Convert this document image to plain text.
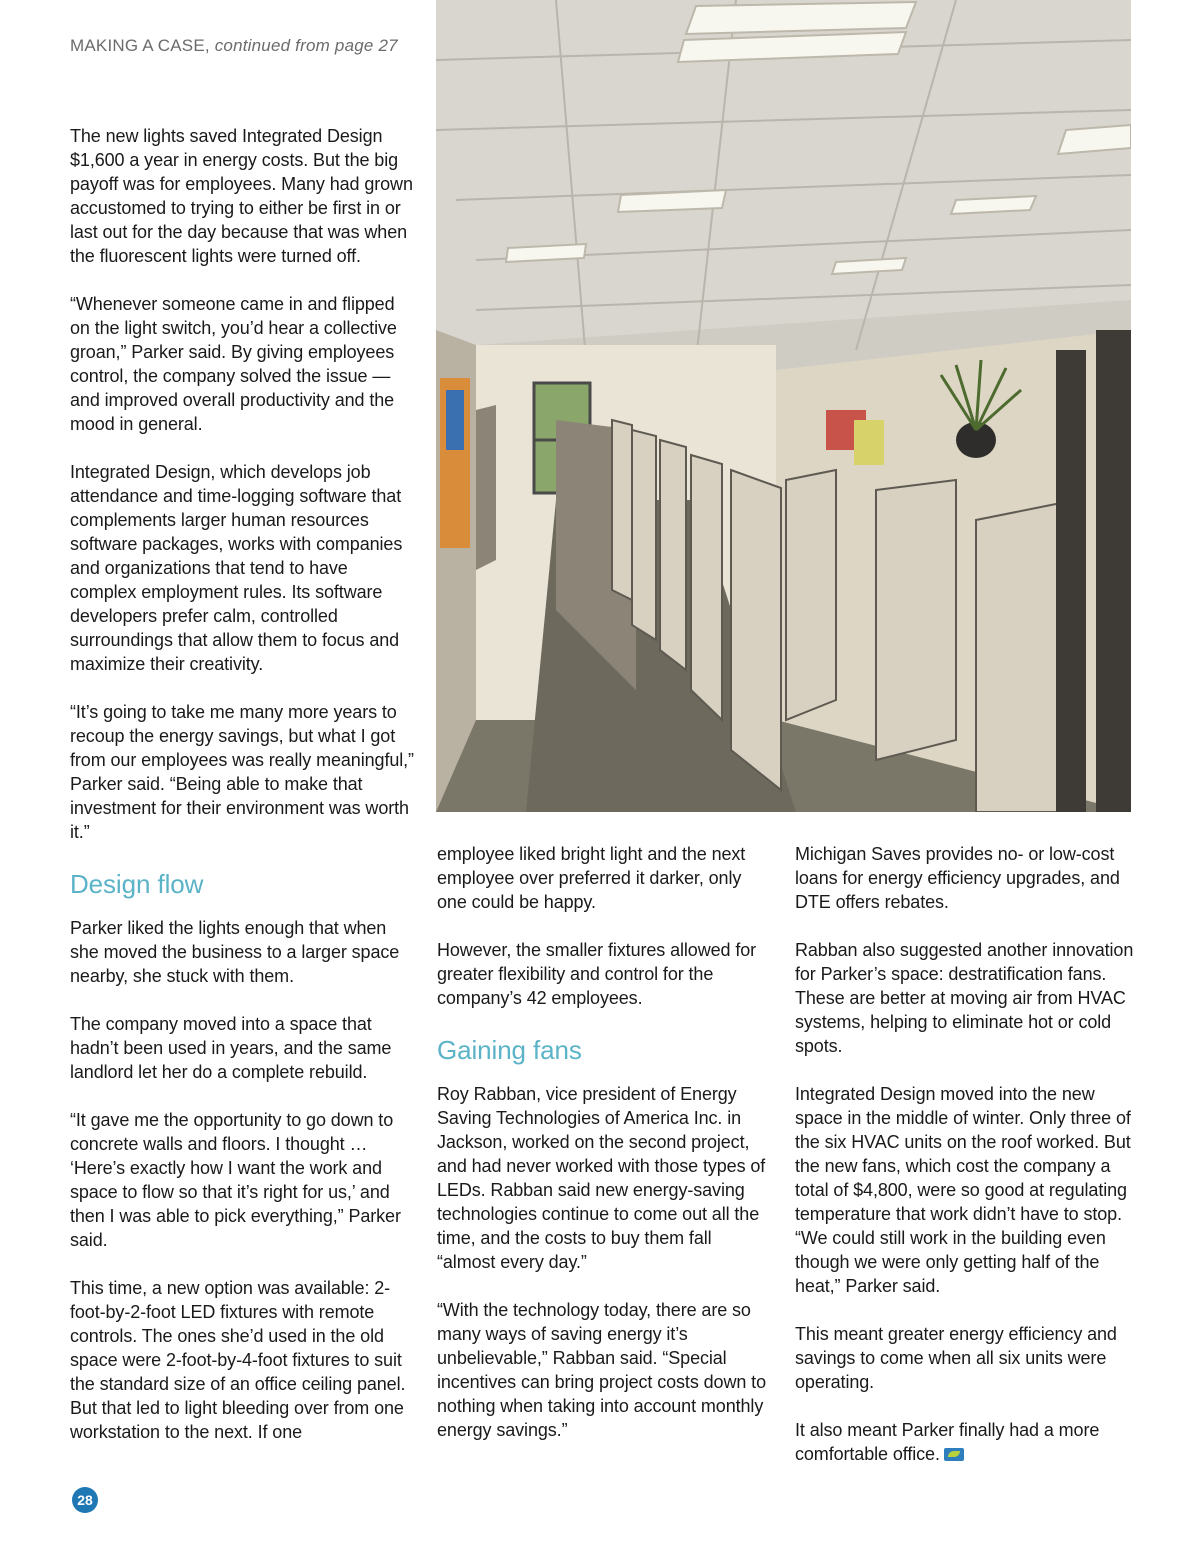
MAKING A CASE, continued from page 27

The new lights saved Integrated Design $1,600 a year in energy costs. But the big payoff was for employees. Many had grown accustomed to trying to either be first in or last out for the day because that was when the fluorescent lights were turned off.

“Whenever someone came in and flipped on the light switch, you’d hear a collective groan,” Parker said. By giving employees control, the company solved the issue — and improved overall productivity and the mood in general.

Integrated Design, which develops job attendance and time-logging software that complements larger human resources software packages, works with companies and organizations that tend to have complex employment rules. Its software developers prefer calm, controlled surroundings that allow them to focus and maximize their creativity.

“It’s going to take me many more years to recoup the energy savings, but what I got from our employees was really meaningful,” Parker said. “Being able to make that investment for their environment was worth it.”

Design flow

Parker liked the lights enough that when she moved the business to a larger space nearby, she stuck with them.

The company moved into a space that hadn’t been used in years, and the same landlord let her do a complete rebuild.

“It gave me the opportunity to go down to concrete walls and floors. I thought … ‘Here’s exactly how I want the work and space to flow so that it’s right for us,’ and then I was able to pick everything,” Parker said.

This time, a new option was available: 2-foot-by-2-foot LED fixtures with remote controls. The ones she’d used in the old space were 2-foot-by-4-foot fixtures to suit the standard size of an office ceiling panel. But that led to light bleeding over from one workstation to the next. If one

employee liked bright light and the next employee over preferred it darker, only one could be happy.

However, the smaller fixtures allowed for greater flexibility and control for the company’s 42 employees.

Gaining fans

Roy Rabban, vice president of Energy Saving Technologies of America Inc. in Jackson, worked on the second project, and had never worked with those types of LEDs. Rabban said new energy-saving technologies continue to come out all the time, and the costs to buy them fall “almost every day.”

“With the technology today, there are so many ways of saving energy it’s unbelievable,” Rabban said. “Special incentives can bring project costs down to nothing when taking into account monthly energy savings.”

Michigan Saves provides no- or low-cost loans for energy efficiency upgrades, and DTE offers rebates.

Rabban also suggested another innovation for Parker’s space: destratification fans. These are better at moving air from HVAC systems, helping to eliminate hot or cold spots.

Integrated Design moved into the new space in the middle of winter. Only three of the six HVAC units on the roof worked. But the new fans, which cost the company a total of $4,800, were so good at regulating temperature that work didn’t have to stop. “We could still work in the building even though we were only getting half of the heat,” Parker said.

This meant greater energy efficiency and savings to come when all six units were operating.

It also meant Parker finally had a more comfortable office.

28
